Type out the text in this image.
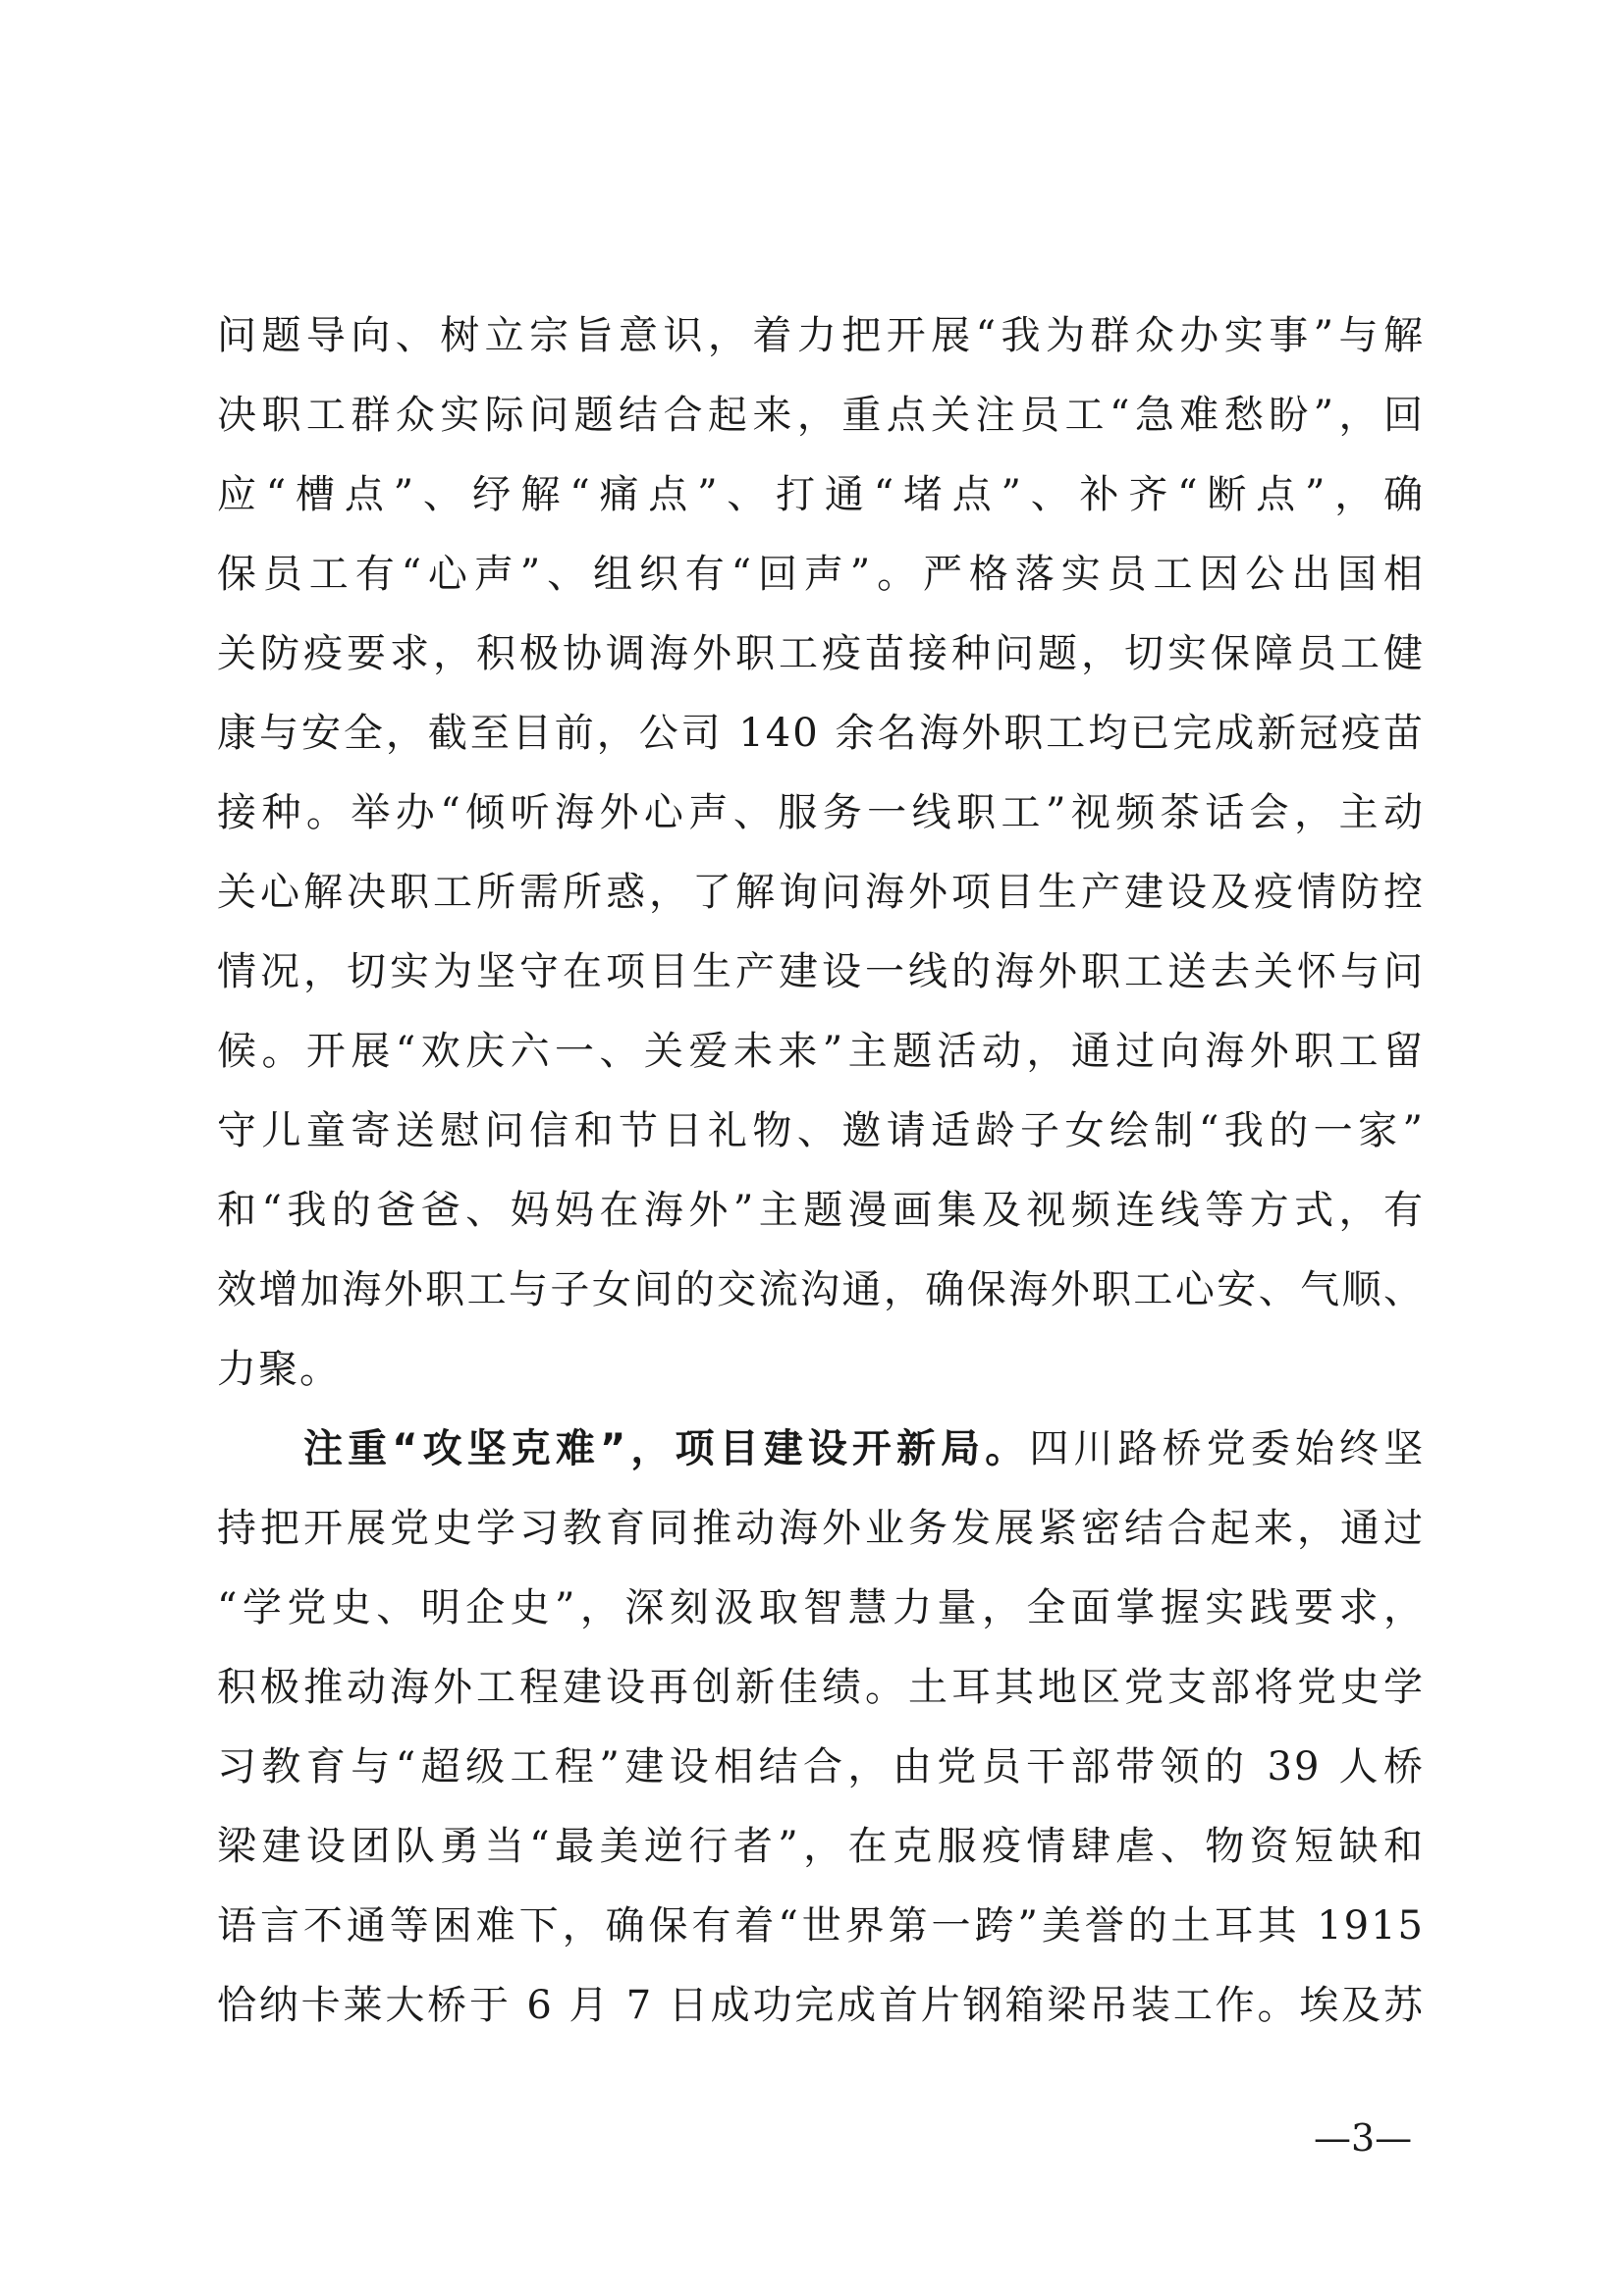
问题导向、树立宗旨意识，着力把开展“我为群众办实事”与解
决职工群众实际问题结合起来，重点关注员工“急难愁盼”，回
应“槽点”、纾解“痛点”、打通“堵点”、补齐“断点”，确
保员工有“心声”、组织有“回声”。严格落实员工因公出国相
关防疫要求，积极协调海外职工疫苗接种问题，切实保障员工健
康与安全，截至目前，公司 140 余名海外职工均已完成新冠疫苗
接种。举办“倾听海外心声、服务一线职工”视频茶话会，主动
关心解决职工所需所惑，了解询问海外项目生产建设及疫情防控
情况，切实为坚守在项目生产建设一线的海外职工送去关怀与问
候。开展“欢庆六一、关爱未来”主题活动，通过向海外职工留
守儿童寄送慰问信和节日礼物、邀请适龄子女绘制“我的一家”
和“我的爸爸、妈妈在海外”主题漫画集及视频连线等方式，有
效增加海外职工与子女间的交流沟通，确保海外职工心安、气顺、
力聚。
注重“攻坚克难”，项目建设开新局。四川路桥党委始终坚
持把开展党史学习教育同推动海外业务发展紧密结合起来，通过
“学党史、明企史”，深刻汲取智慧力量，全面掌握实践要求，
积极推动海外工程建设再创新佳绩。土耳其地区党支部将党史学
习教育与“超级工程”建设相结合，由党员干部带领的 39 人桥
梁建设团队勇当“最美逆行者”，在克服疫情肆虐、物资短缺和
语言不通等困难下，确保有着“世界第一跨”美誉的土耳其 1915
恰纳卡莱大桥于 6 月 7 日成功完成首片钢箱梁吊装工作。埃及苏
—3—
